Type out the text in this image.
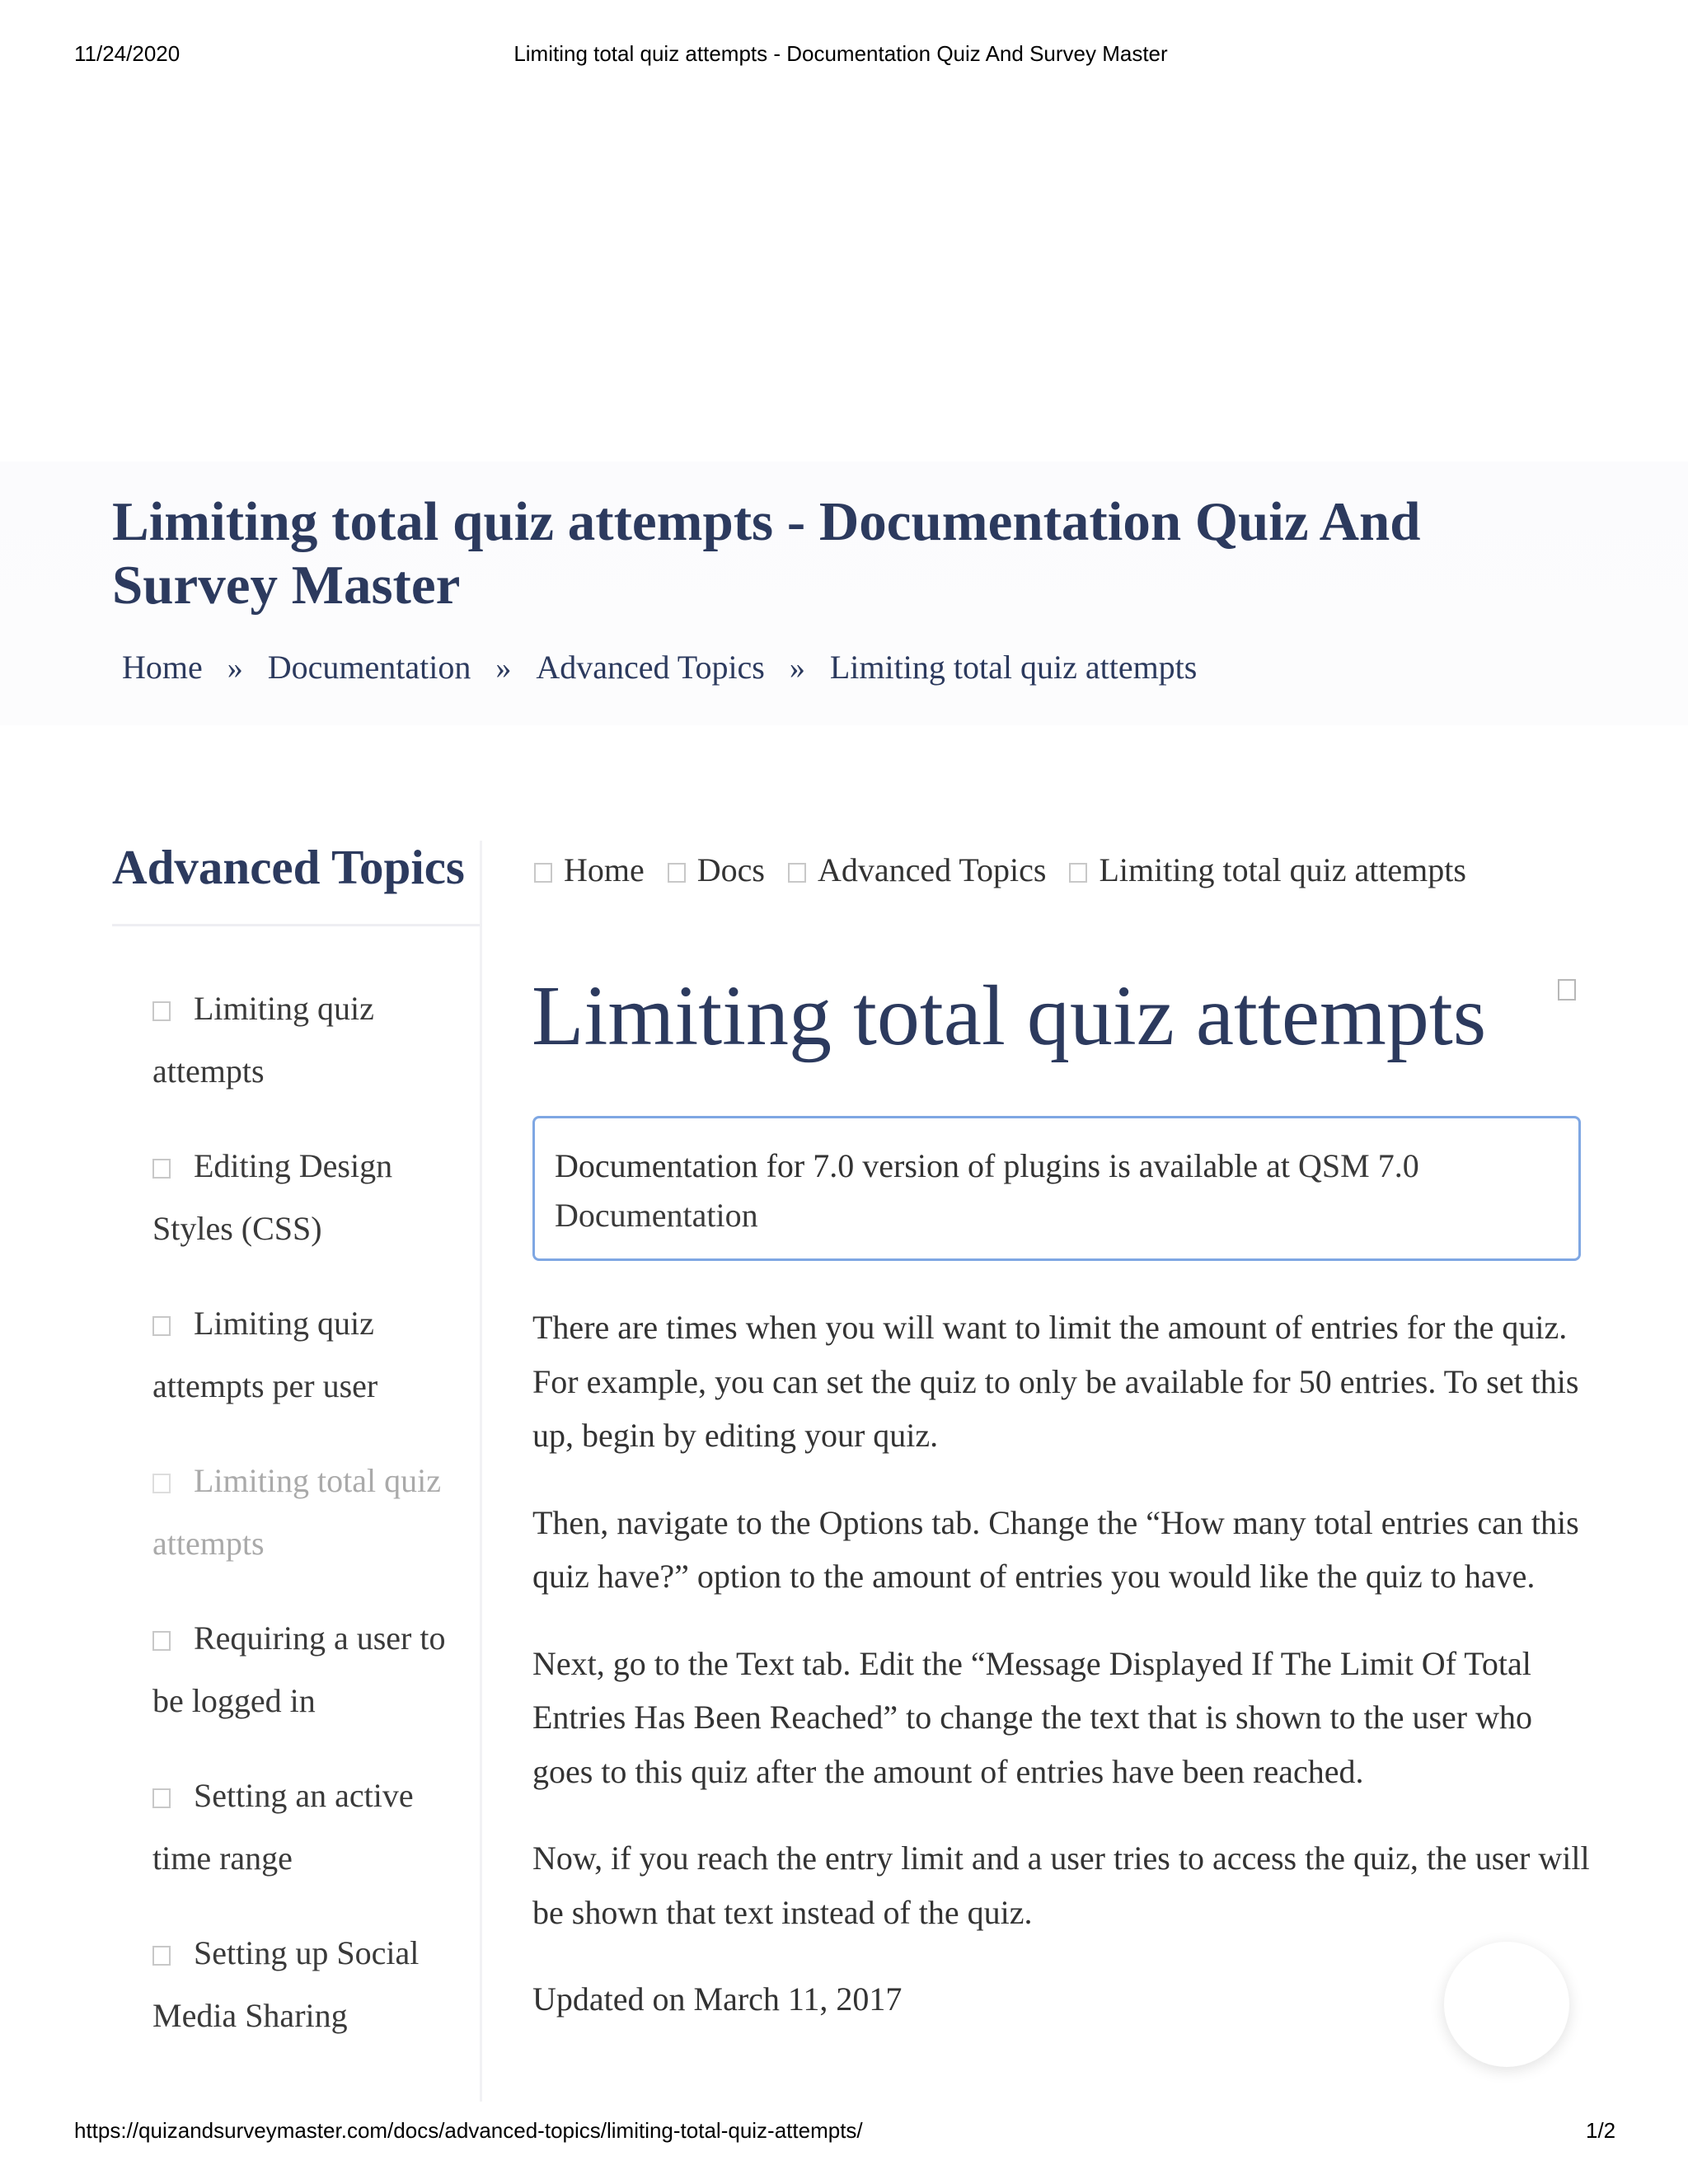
11/24/2020	Limiting total quiz attempts - Documentation Quiz And Survey Master
Limiting total quiz attempts - Documentation Quiz And Survey Master
Home » Documentation » Advanced Topics » Limiting total quiz attempts
Advanced Topics
Limiting quiz attempts
Editing Design Styles (CSS)
Limiting quiz attempts per user
Limiting total quiz attempts
Requiring a user to be logged in
Setting an active time range
Setting up Social Media Sharing
Home Docs Advanced Topics Limiting total quiz attempts
Limiting total quiz attempts
Documentation for 7.0 version of plugins is available at QSM 7.0 Documentation

There are times when you will want to limit the amount of entries for the quiz. For example, you can set the quiz to only be available for 50 entries. To set this up, begin by editing your quiz.

Then, navigate to the Options tab. Change the “How many total entries can this quiz have?” option to the amount of entries you would like the quiz to have.

Next, go to the Text tab. Edit the “Message Displayed If The Limit Of Total Entries Has Been Reached” to change the text that is shown to the user who goes to this quiz after the amount of entries have been reached.

Now, if you reach the entry limit and a user tries to access the quiz, the user will be shown that text instead of the quiz.

Updated on March 11, 2017

https://quizandsurveymaster.com/docs/advanced-topics/limiting-total-quiz-attempts/	1/2
